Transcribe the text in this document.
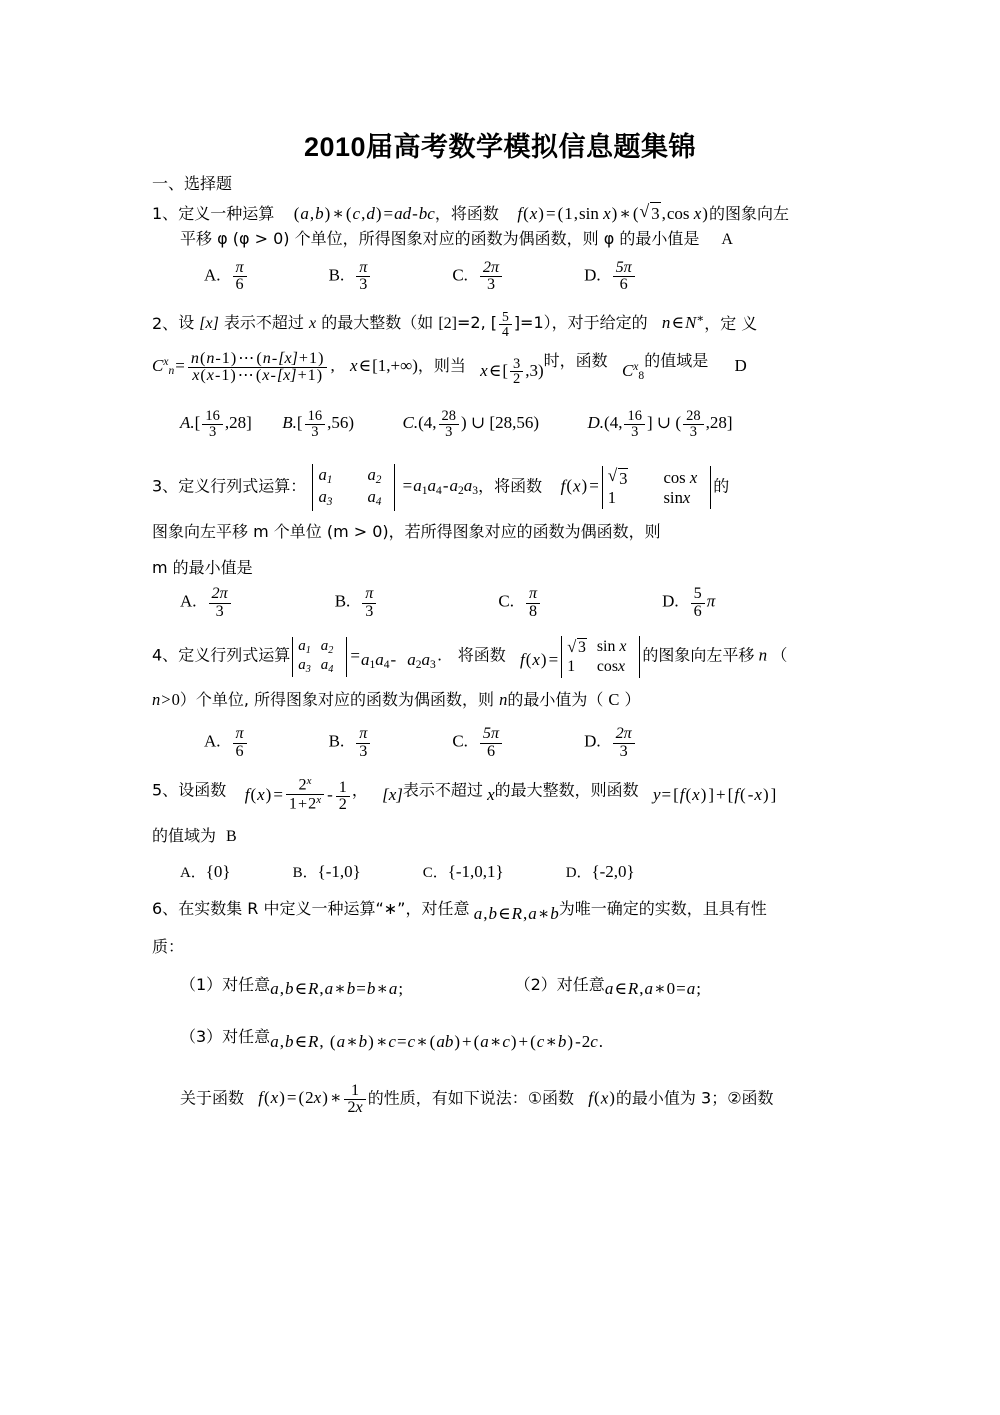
2010届高考数学模拟信息题集锦
一、选择题
1、定义一种运算 (a,b) ∗ (c,d) =ad-bc，将函数 f(x) = (1,sin x) ∗ ( √ 3 ,cos x)的图象向左
平移 φ (φ > 0) 个单位，所得图象对应的函数为偶函数，则 φ 的最小值是 A
A. $\frac{\pi}{6}$	B. $\frac{\pi}{3}$	C. $\frac{2\pi}{3}$	D. $\frac{5\pi}{6}$
2、设 [x] 表示不超过 x 的最大整数（如 [2]=2, [ $\frac{5}{4} ]=1$），对于给定的 n∈N∗，定 义
$C^x_n= \frac{n(n-1) \cdots (n-[x]+1)}{x(x-1) \cdots (x-[x]+1)}$ , x∈[1,+∞)，则当 x∈[ $\frac{3}{2} ,3$)时，函数 $C^x_8$的值域是 D
$A.[ \frac{16}{3} ,28]$ $B.[ \frac{16}{3} ,56)$	C.(4, $\frac{28}{3}$ ) ∪ [28,56)	D.(4, $\frac{16}{3}$ ] ∪ ( $\frac{28}{3} ,28$]
3、定义行列式运算：
$a_1$	$a_2$
$a_3$	$a_4$
$=a_1a_4-a_2a_3$，将函数 f(x) = √ 3	cos x
1	sinx
的
图象向左平移 m 个单位 (m > 0)，若所得图象对应的函数为偶函数，则
m 的最小值是
A. $\frac{2\pi}{3}$	B. $\frac{\pi}{3}$	C. $\frac{\pi}{8}$	D. $\frac{5}{6}$ π
4、定义行列式运算 $a_1$	$a_2$
$a_3$	$a_4$
$=a_1a_4-$ $a_2a_3\cdot$ 将函数 f(x) =
√ 3	sin x
1	cosx
的图象向左平移 n （
n>0）个单位, 所得图象对应的函数为偶函数，则 n的最小值为（ C ）
A. $\frac{\pi}{6}$	B. $\frac{\pi}{3}$	C. $\frac{5\pi}{6}$	D. $\frac{2\pi}{3}$
5、设函数 $f(x) = \frac{2^x}{1+2^x} - \frac{1}{2}$ ， [x]表示不超过 x的最大整数，则函数 y= [f(x) ] + [f( -x) ]
的值域为 B
A．{0}	B．{-1,0}	C．{-1,0,1}	D．{-2,0}
6、在实数集 R 中定义一种运算“∗”，对任意 a,b∈R,a∗b为唯一确定的实数，且具有性
质：
（1）对任意a,b∈R,a∗b=b∗a;	（2）对任意a∈R,a∗0=a;
（3）对任意a,b∈R, (a∗b) ∗c=c∗ (ab) + (a∗c) + (c∗b) -2c.
关于函数 f(x) = (2x) ∗ $\frac{1}{2x}$ 的性质，有如下说法：①函数 f(x)的最小值为 3；②函数
